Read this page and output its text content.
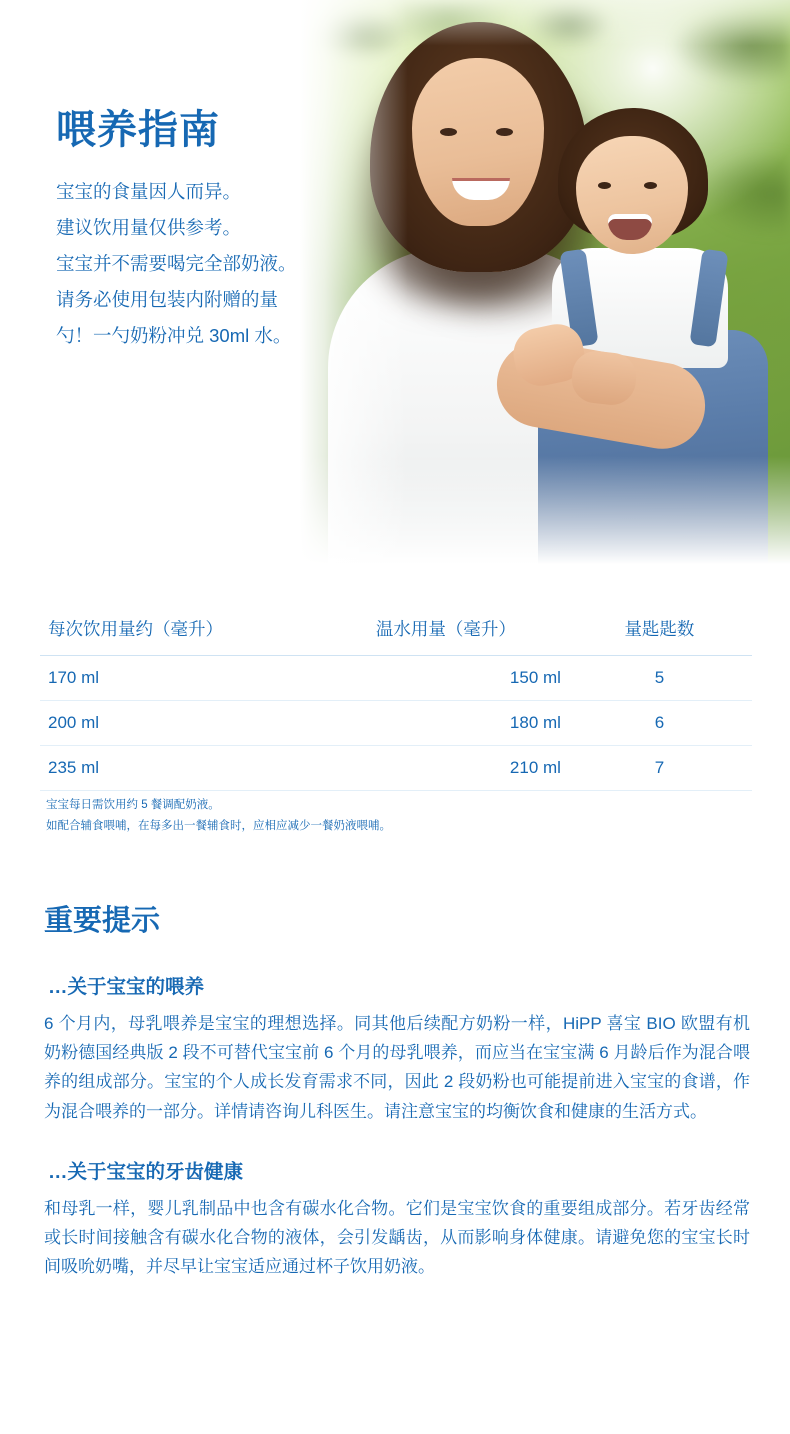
喂养指南
宝宝的食量因人而异。
建议饮用量仅供参考。
宝宝并不需要喝完全部奶液。
请务必使用包装内附赠的量
勺！一勺奶粉冲兑 30ml 水。
每次饮用量约（毫升）	温水用量（毫升）	量匙匙数
170 ml	150 ml	5
200 ml	180 ml	6
235 ml	210 ml	7
宝宝每日需饮用约 5 餐调配奶液。
如配合辅食喂哺，在每多出一餐辅食时，应相应减少一餐奶液喂哺。
重要提示
…关于宝宝的喂养

6 个月内，母乳喂养是宝宝的理想选择。同其他后续配方奶粉一样，HiPP 喜宝 BIO 欧盟有机奶粉德国经典版 2 段不可替代宝宝前 6 个月的母乳喂养，而应当在宝宝满 6 月龄后作为混合喂养的组成部分。宝宝的个人成长发育需求不同，因此 2 段奶粉也可能提前进入宝宝的食谱，作为混合喂养的一部分。详情请咨询儿科医生。请注意宝宝的均衡饮食和健康的生活方式。

…关于宝宝的牙齿健康

和母乳一样，婴儿乳制品中也含有碳水化合物。它们是宝宝饮食的重要组成部分。若牙齿经常或长时间接触含有碳水化合物的液体，会引发龋齿，从而影响身体健康。请避免您的宝宝长时间吸吮奶嘴，并尽早让宝宝适应通过杯子饮用奶液。
